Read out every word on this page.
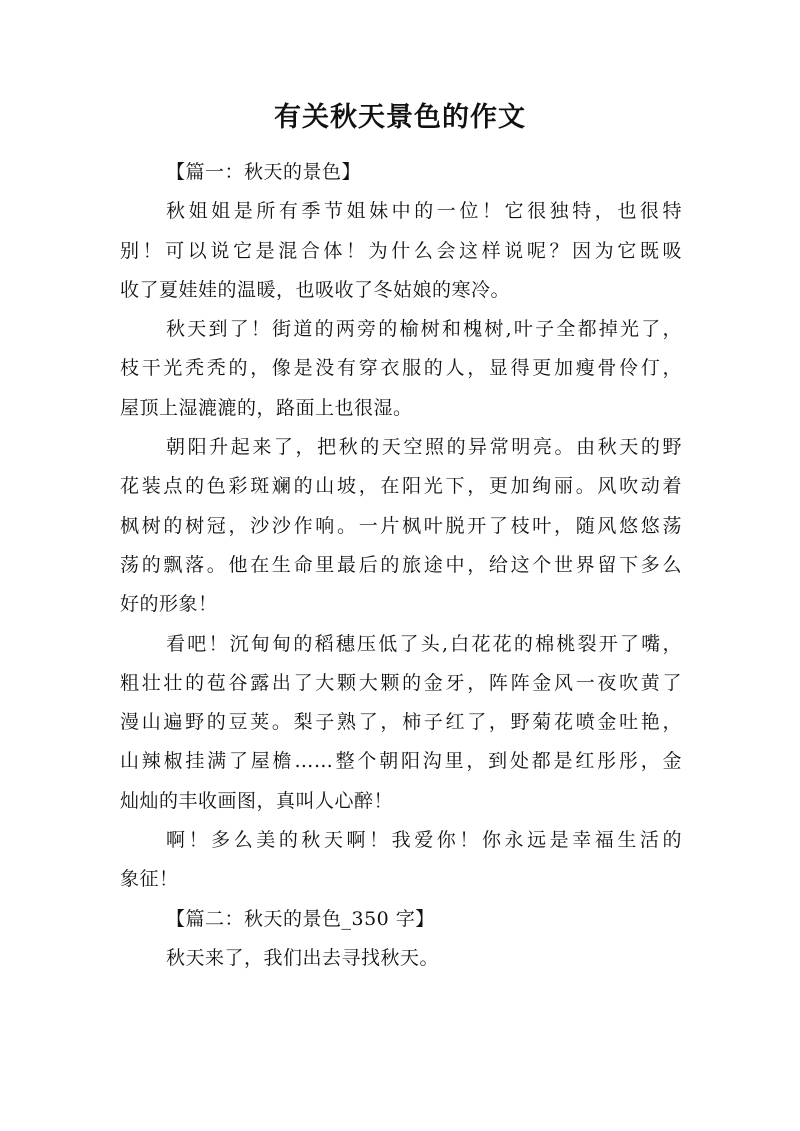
有关秋天景色的作文
【篇一：秋天的景色】
秋姐姐是所有季节姐妹中的一位！它很独特，也很特
别！可以说它是混合体！为什么会这样说呢？因为它既吸
收了夏娃娃的温暖，也吸收了冬姑娘的寒冷。
秋天到了！街道的两旁的榆树和槐树,叶子全都掉光了，
枝干光秃秃的，像是没有穿衣服的人，显得更加瘦骨伶仃，
屋顶上湿漉漉的，路面上也很湿。
朝阳升起来了，把秋的天空照的异常明亮。由秋天的野
花装点的色彩斑斓的山坡，在阳光下，更加绚丽。风吹动着
枫树的树冠，沙沙作响。一片枫叶脱开了枝叶，随风悠悠荡
荡的飘落。他在生命里最后的旅途中，给这个世界留下多么
好的形象！
看吧！沉甸甸的稻穗压低了头,白花花的棉桃裂开了嘴，
粗壮壮的苞谷露出了大颗大颗的金牙，阵阵金风一夜吹黄了
漫山遍野的豆荚。梨子熟了，柿子红了，野菊花喷金吐艳，
山辣椒挂满了屋檐……整个朝阳沟里，到处都是红彤彤，金
灿灿的丰收画图，真叫人心醉！
啊！多么美的秋天啊！我爱你！你永远是幸福生活的
象征！
【篇二：秋天的景色_350 字】
秋天来了，我们出去寻找秋天。
